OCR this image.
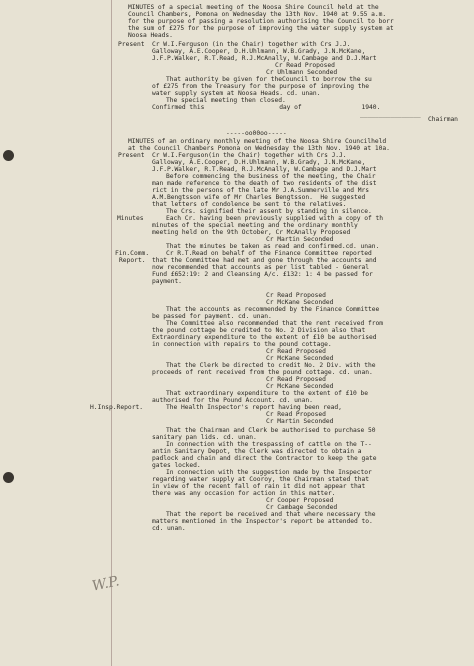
MINUTES of a special meeting of the Noosa Shire Council held at the
Council Chambers, Pomona on Wednesday the 13th Nov. 1940 at 9.55 a.m.
for the purpose of passing a resolution authorising the Council to borr
the sum of £275 for the purpose of improving the water supply system at
Noosa Heads.
Cr W.I.Ferguson (in the Chair) together with Crs J.J.
Galloway, A.E.Cooper, D.H.Uhlmann, W.B.Grady, J.N.McKane,
J.F.P.Walker, R.T.Read, R.J.McAnally, W.Cambage and D.J.Mart
Cr Read Proposed
Cr Uhlmann Seconded
That authority be given for theCouncil to borrow the su
of £275 from the Treasury for the purpose of improving the
water supply system at Noosa Heads. cd. unan.
The special meeting then closed.
Confirmed this                    day of                1940.
Chairman
MINUTES of an ordinary monthly meeting of the Noosa Shire Councilheld
at the Council Chambers Pomona on Wednesday the 13th Nov. 1940 at 10a.
Cr W.I.Ferguson(in the Chair) together with Crs J.J.
Galloway, A.E.Cooper, D.H.Uhlmann, W.B.Grady, J.N.McKane,
J.F.P.Walker, R.T.Read, R.J.McAnally, W.Cambage and D.J.Mart
Before commencing the business of the meeting, the Chair
man made reference to the death of two residents of the dist
rict in the persons of the late Mr J.A.Summerville and Mrs
A.M.Bengtsson wife of Mr Charles Bengtsson.  He suggested
that letters of condolence be sent to the relatives.
The Crs. signified their assent by standing in silence.
Each Cr. having been previously supplied with a copy of th
minutes of the special meeting and the ordinary monthly
meeting held on the 9th October, Cr McAnally Proposed
Cr Martin Seconded
That the minutes be taken as read and confirmed.cd. unan.
Cr R.T.Read on behalf of the Finance Committee reported
that the Committee had met and gone through the accounts and
now recommended that accounts as per list tabled - General
Fund £652:19: 2 and Cleansing A/c. £132: 1: 4 be passed for
payment.
Cr Read Proposed
Cr McKane Seconded
That the accounts as recommended by the Finance Committee
be passed for payment. cd. unan.
The Committee also recommended that the rent received from
the pound cottage be credited to No. 2 Division also that
Extraordinary expenditure to the extent of £10 be authorised
in connection with repairs to the pound cottage.
Cr Read Proposed
Cr McKane Seconded
That the Clerk be directed to credit No. 2 Div. with the
proceeds of rent received from the pound cottage. cd. unan.
Cr Read Proposed
Cr McKane Seconded
That extraordinary expenditure to the extent of £10 be
authorised for the Pound Account. cd. unan.
The Health Inspector's report having been read,
Cr Read Proposed
Cr Martin Seconded
That the Chairman and Clerk be authorised to purchase 50
sanitary pan lids. cd. unan.
In connection with the trespassing of cattle on the T--
antin Sanitary Depot, the Clerk was directed to obtain a
padlock and chain and direct the Contractor to keep the gate
gates locked.
In connection with the suggestion made by the Inspector
regarding water supply at Cooroy, the Chairman stated that
in view of the recent fall of rain it did not appear that
there was any occasion for action in this matter.
Cr Cooper Proposed
Cr Cambage Seconded
That the report be received and that where necessary the
matters mentioned in the Inspector's report be attended to.
cd. unan.
Present
Present
Minutes
Fin.Comm.
Report.
H.Insp.Report.
-----oo00oo-----
________________
W.P.
